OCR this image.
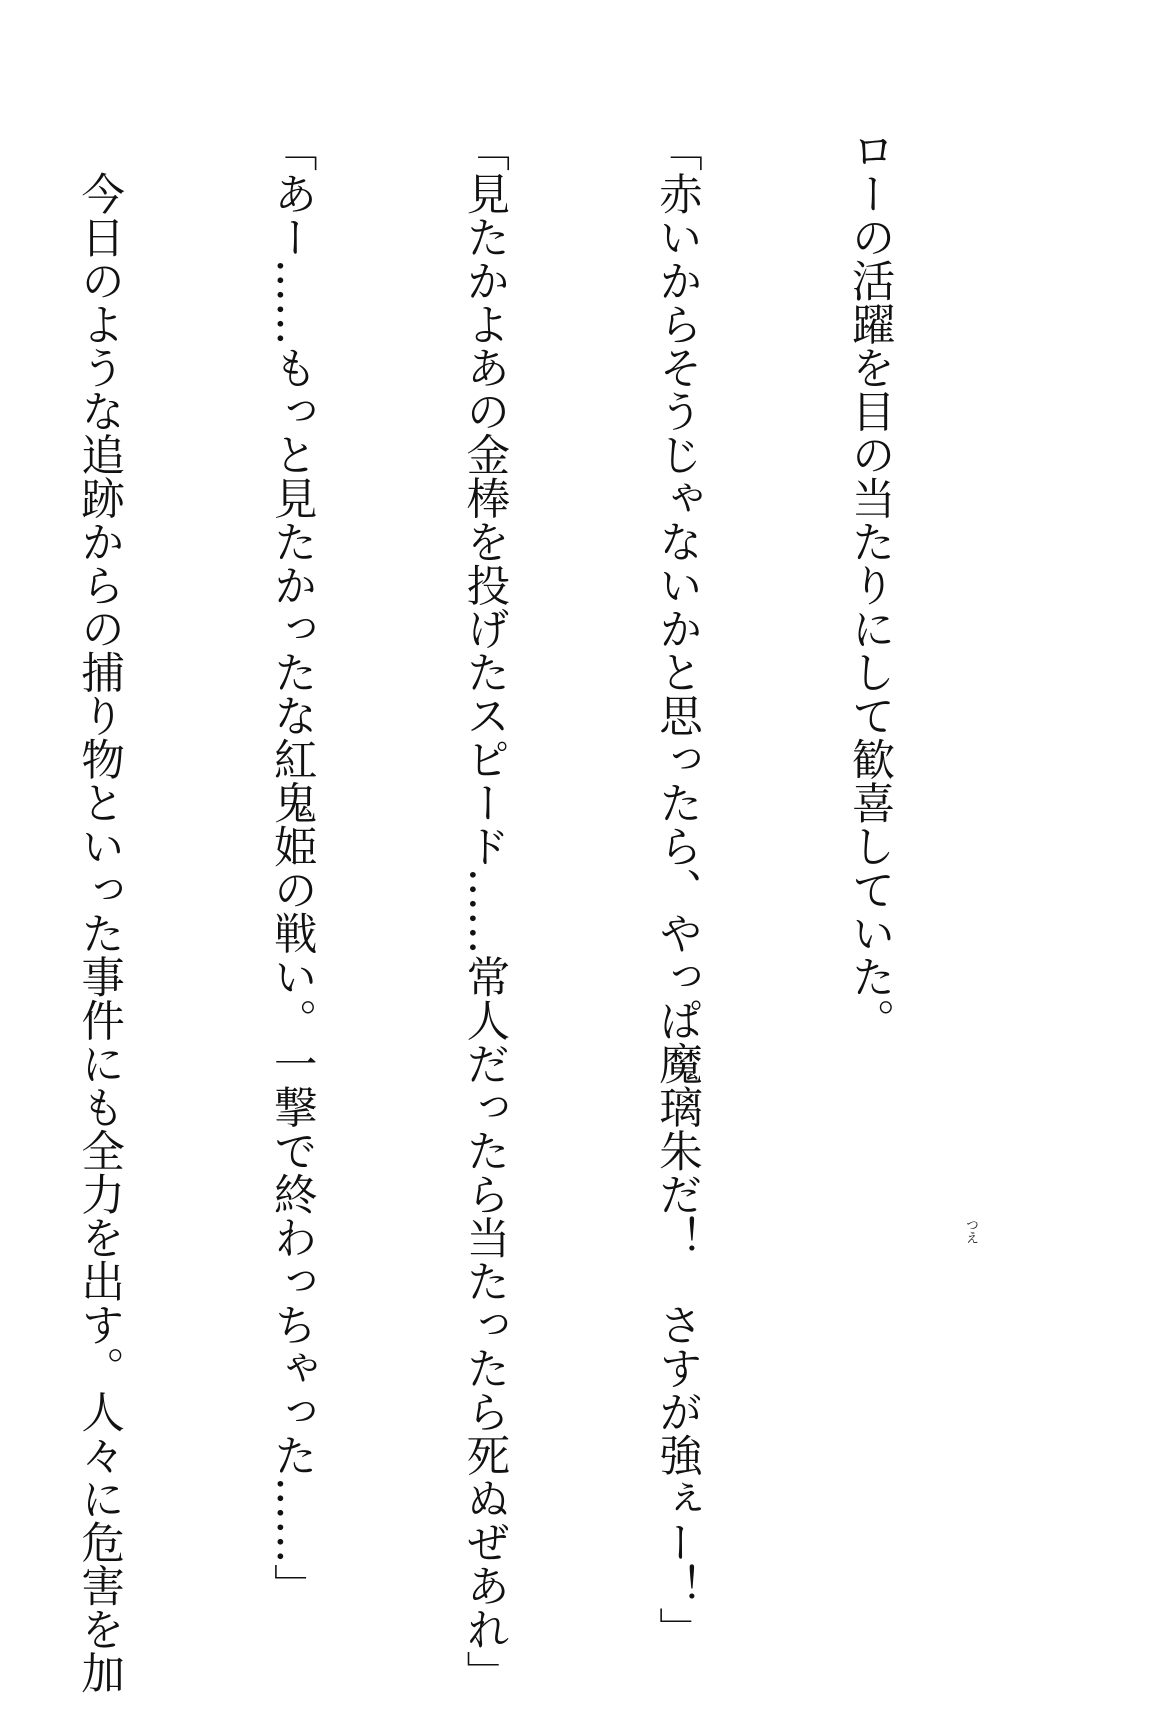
ローの活躍を目の当たりにして歓喜していた。

「赤いからそうじゃないかと思ったら、やっぱ魔璃朱だ！　さすが強ぇー！」

「見たかよあの金棒を投げたスピード……常人だったら当たったら死ぬぜあれ」

「あー……もっと見たかったな紅鬼姫の戦い。一撃で終わっちゃった……」

　今日のような追跡からの捕り物といった事件にも全力を出す。人々に危害を加

	つえ
